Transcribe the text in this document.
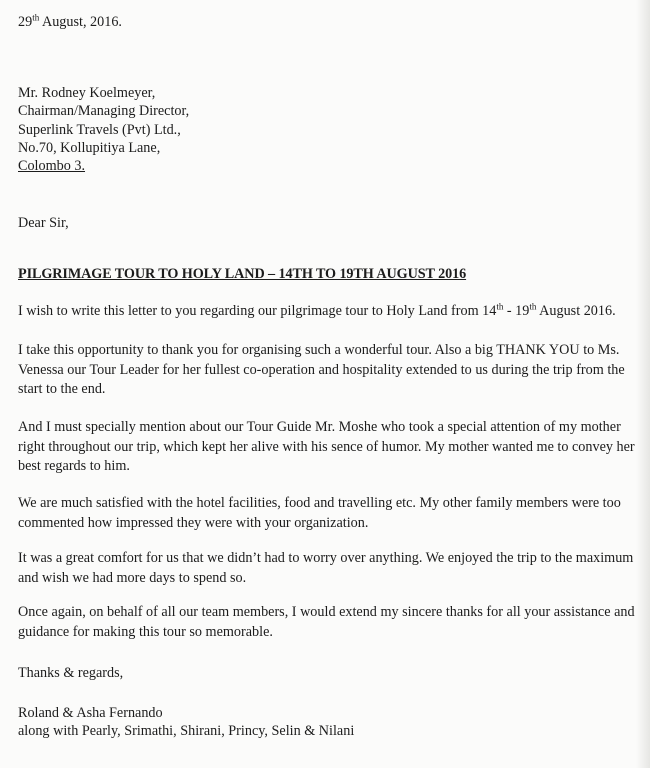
29th August, 2016.
Mr. Rodney Koelmeyer,
Chairman/Managing Director,
Superlink Travels (Pvt) Ltd.,
No.70, Kollupitiya Lane,
Colombo 3.
Dear Sir,
PILGRIMAGE TOUR TO HOLY LAND – 14TH TO 19TH AUGUST 2016
I wish to write this letter to you regarding our pilgrimage tour to Holy Land from 14th - 19th August 2016.

I take this opportunity to thank you for organising such a wonderful tour. Also a big THANK YOU to Ms. Venessa our Tour Leader for her fullest co-operation and hospitality extended to us during the trip from the start to the end.

And I must specially mention about our Tour Guide Mr. Moshe who took a special attention of my mother right throughout our trip, which kept her alive with his sence of humor. My mother wanted me to convey her best regards to him.

We are much satisfied with the hotel facilities, food and travelling etc. My other family members were too commented how impressed they were with your organization.

It was a great comfort for us that we didn’t had to worry over anything. We enjoyed the trip to the maximum and wish we had more days to spend so.

Once again, on behalf of all our team members, I would extend my sincere thanks for all your assistance and guidance for making this tour so memorable.

Thanks & regards,
Roland & Asha Fernando
along with Pearly, Srimathi, Shirani, Princy, Selin & Nilani
